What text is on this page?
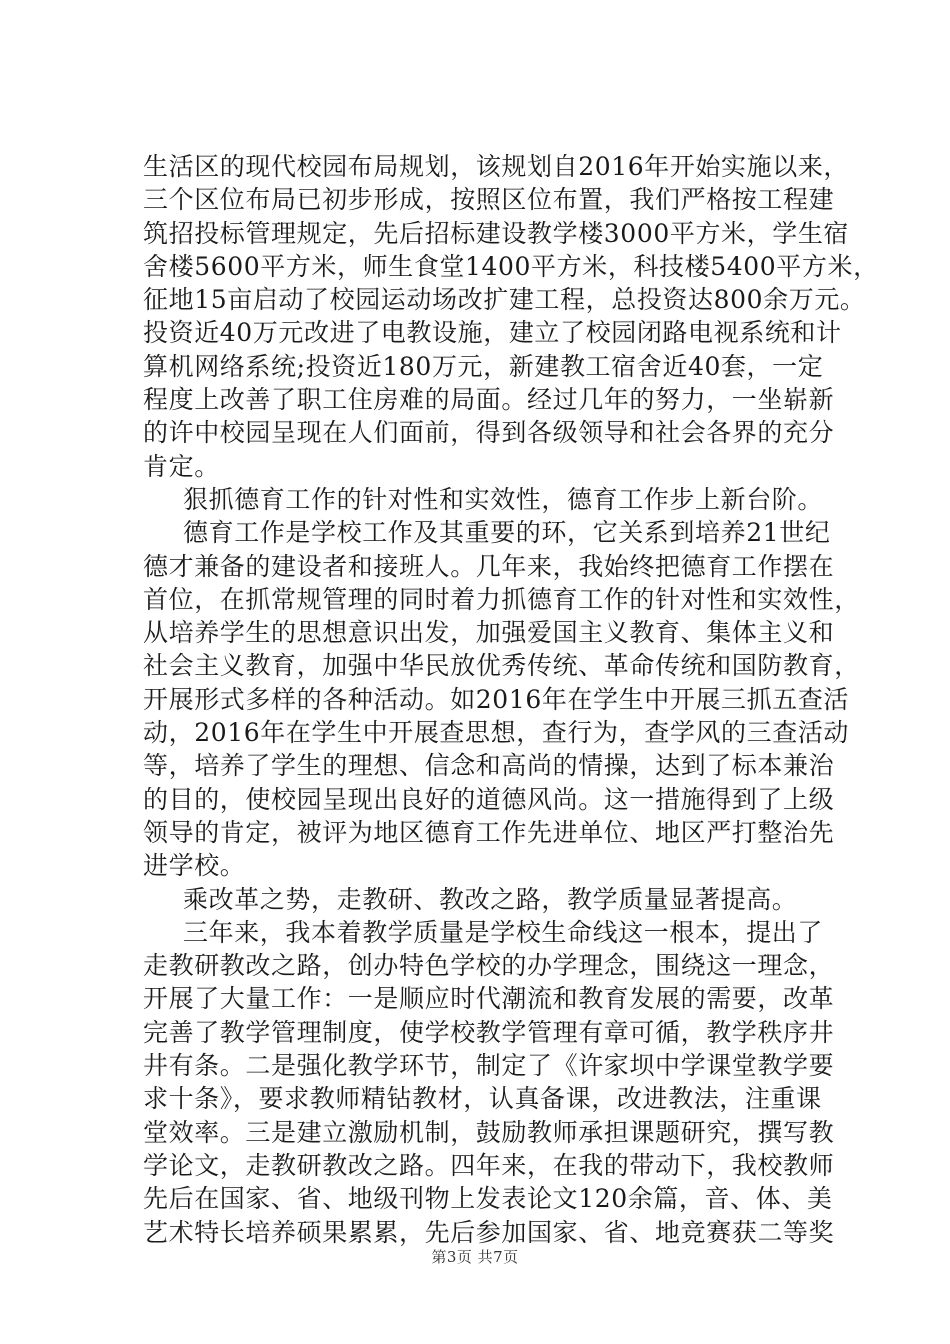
生活区的现代校园布局规划，该规划自2016年开始实施以来，
三个区位布局已初步形成，按照区位布置，我们严格按工程建
筑招投标管理规定，先后招标建设教学楼3000平方米，学生宿
舍楼5600平方米，师生食堂1400平方米，科技楼5400平方米，
征地15亩启动了校园运动场改扩建工程，总投资达800余万元。
投资近40万元改进了电教设施，建立了校园闭路电视系统和计
算机网络系统;投资近180万元，新建教工宿舍近40套，一定
程度上改善了职工住房难的局面。经过几年的努力，一坐崭新
的许中校园呈现在人们面前，得到各级领导和社会各界的充分
肯定。
狠抓德育工作的针对性和实效性，德育工作步上新台阶。
德育工作是学校工作及其重要的环，它关系到培养21世纪
德才兼备的建设者和接班人。几年来，我始终把德育工作摆在
首位，在抓常规管理的同时着力抓德育工作的针对性和实效性，
从培养学生的思想意识出发，加强爱国主义教育、集体主义和
社会主义教育，加强中华民放优秀传统、革命传统和国防教育，
开展形式多样的各种活动。如2016年在学生中开展三抓五查活
动，2016年在学生中开展查思想，查行为，查学风的三查活动
等，培养了学生的理想、信念和高尚的情操，达到了标本兼治
的目的，使校园呈现出良好的道德风尚。这一措施得到了上级
领导的肯定，被评为地区德育工作先进单位、地区严打整治先
进学校。
乘改革之势，走教研、教改之路，教学质量显著提高。
三年来，我本着教学质量是学校生命线这一根本，提出了
走教研教改之路，创办特色学校的办学理念，围绕这一理念，
开展了大量工作：一是顺应时代潮流和教育发展的需要，改革
完善了教学管理制度，使学校教学管理有章可循，教学秩序井
井有条。二是强化教学环节，制定了《许家坝中学课堂教学要
求十条》，要求教师精钻教材，认真备课，改进教法，注重课
堂效率。三是建立激励机制，鼓励教师承担课题研究，撰写教
学论文，走教研教改之路。四年来，在我的带动下，我校教师
先后在国家、省、地级刊物上发表论文120余篇，音、体、美
艺术特长培养硕果累累，先后参加国家、省、地竞赛获二等奖
第3页 共7页
